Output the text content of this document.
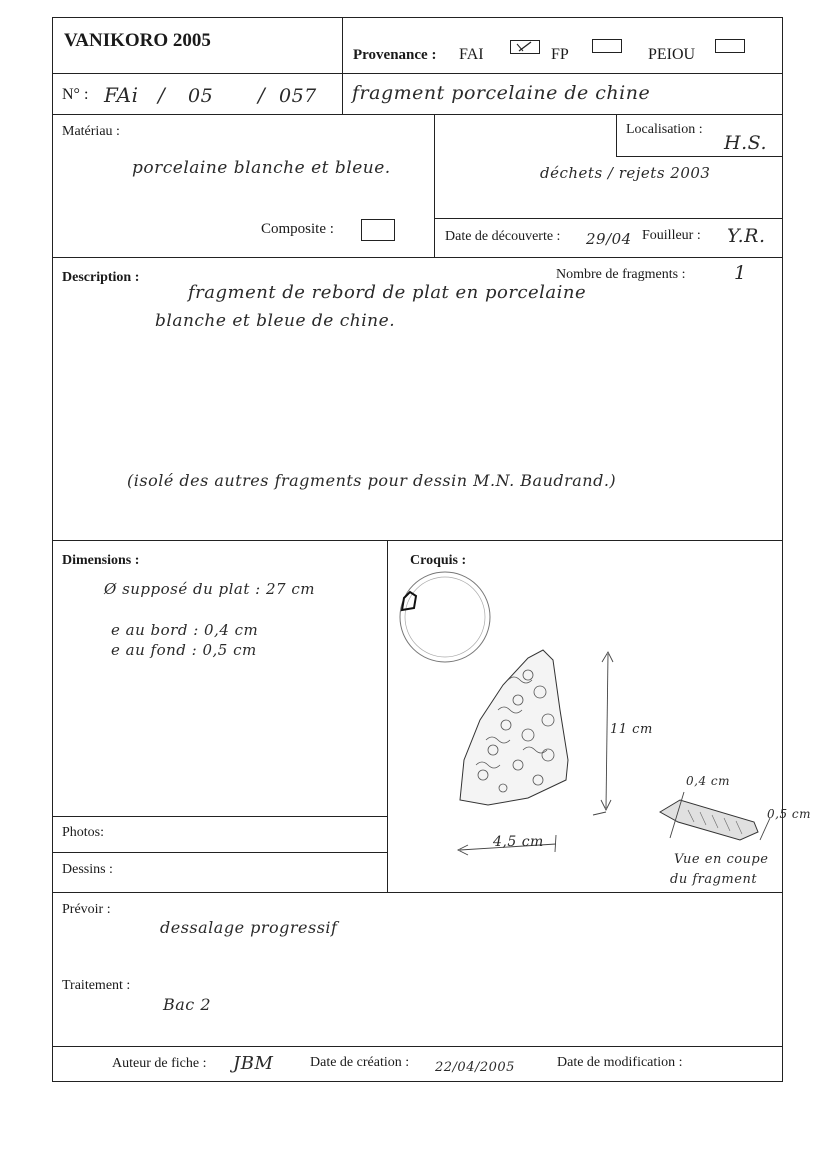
VANIKORO 2005
Provenance : FAI	FP	PEIOU
N° : FAi / 05 / 057 fragment porcelaine de chine
Matériau :
porcelaine blanche et bleue.
Composite :
Localisation :
H.S.
déchets / rejets 2003
Date de découverte : 29/04 Fouilleur : Y.R.
Description :	Nombre de fragments :	1
fragment de rebord de plat en porcelaine
blanche et bleue de chine.
(isolé des autres fragments pour dessin M.N. Baudrand.)
Dimensions :
Ø supposé du plat : 27 cm
e au bord : 0,4 cm
e au fond : 0,5 cm
Croquis :
11 cm
4,5 cm
0,4 cm
0,5 cm
Vue en coupe
du fragment
Photos:
Dessins :
Prévoir :
dessalage progressif
Traitement :
Bac 2
Auteur de fiche : JBM	Date de création : 22/04/2005	Date de modification :
